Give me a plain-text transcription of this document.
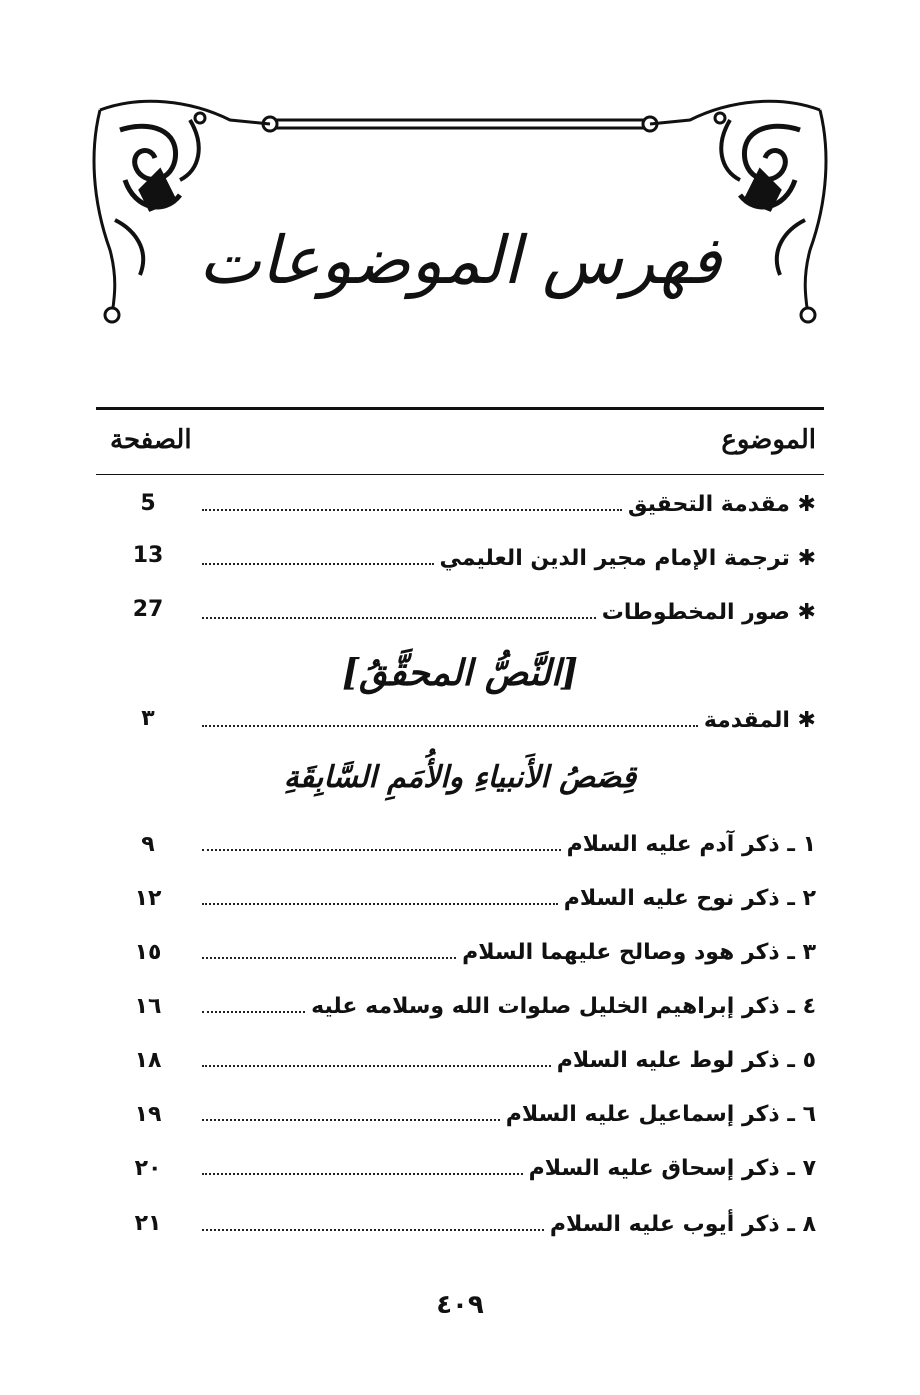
فهرس الموضوعات
الموضوع
الصفحة
✱ مقدمة التحقيق
5
✱ ترجمة الإمام مجير الدين العليمي
13
✱ صور المخطوطات
27
[النَّصُّ المحقَّقُ]
✱ المقدمة
٣
قِصَصُ الأَنبياءِ والأُمَمِ السَّابِقَةِ
١ ـ ذكر آدم عليه السلام
٩
٢ ـ ذكر نوح عليه السلام
١٢
٣ ـ ذكر هود وصالح عليهما السلام
١٥
٤ ـ ذكر إبراهيم الخليل صلوات الله وسلامه عليه
١٦
٥ ـ ذكر لوط عليه السلام
١٨
٦ ـ ذكر إسماعيل عليه السلام
١٩
٧ ـ ذكر إسحاق عليه السلام
٢٠
٨ ـ ذكر أيوب عليه السلام
٢١
٤٠٩
